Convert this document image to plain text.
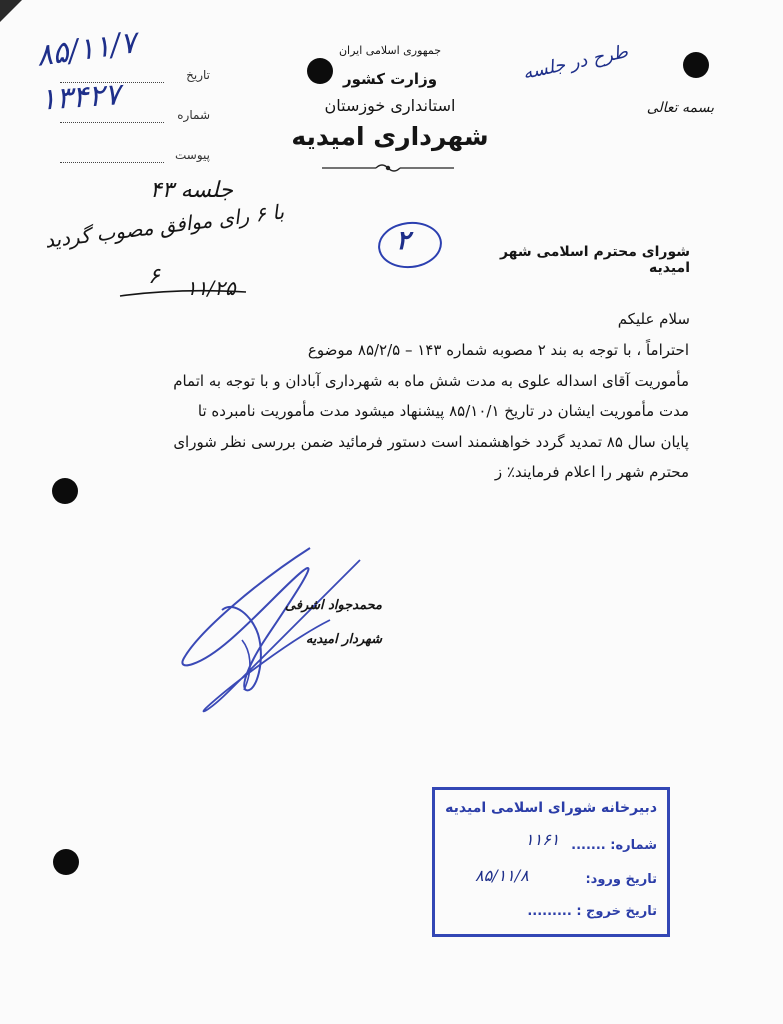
جمهوری اسلامی ایران
وزارت کشور
استانداری خوزستان
شهرداری امیدیه
بسمه تعالی
طرح در جلسه
تاریخ
شماره
پیوست
۸۵/۱۱/۷
۱۳۴۲۷
جلسه ۴۳
با ۶ رای موافق مصوب گردید
۶ ۱۱/۲۵
۲	شورای محترم اسلامی شهر امیدیه
سلام علیکم

احتراماً ، با توجه به بند ۲ مصوبه شماره ۱۴۳ – ۸۵/۲/۵ موضوع

مأموریت آقای اسداله علوی به مدت شش ماه به شهرداری آبادان و با توجه به اتمام

مدت مأموریت ایشان در تاریخ ۸۵/۱۰/۱ پیشنهاد میشود مدت مأموریت نامبرده تا

پایان سال ۸۵ تمدید گردد خواهشمند است دستور فرمائید ضمن بررسی نظر شورای

محترم شهر را اعلام فرمایند٪ ز

محمدجواد اشرفی
شهردار امیدیه
دبیرخانه شورای اسلامی امیدیه
شماره: .......
۱۱۶۱
تاریخ ورود:
۸۵/۱۱/۸
تاریخ خروج : .........
